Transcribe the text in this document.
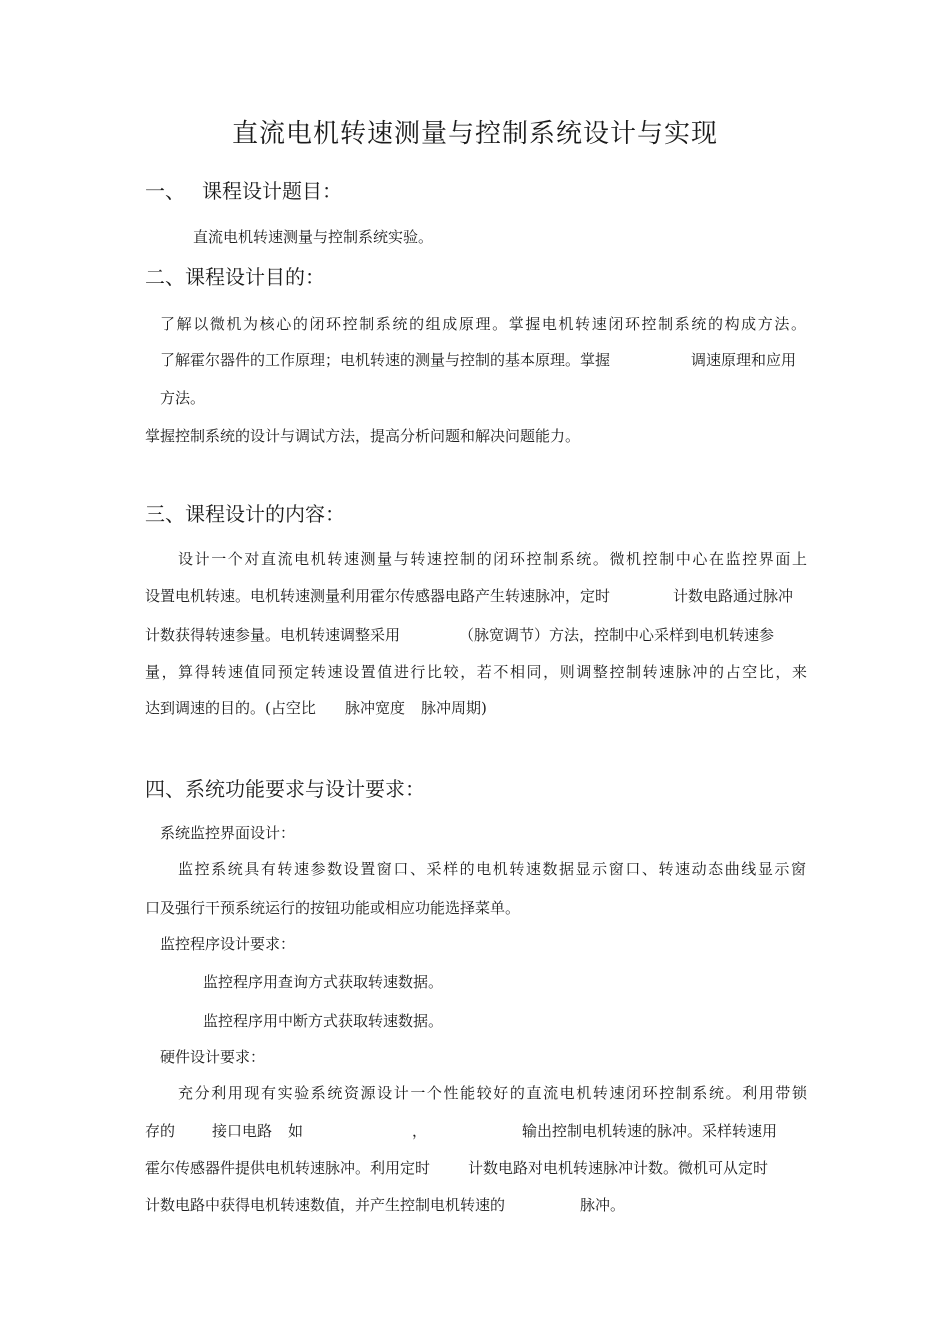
直流电机转速测量与控制系统设计与实现
一、 课程设计题目：
直流电机转速测量与控制系统实验。
二、课程设计目的：
了解以微机为核心的闭环控制系统的组成原理。掌握电机转速闭环控制系统的构成方法。
了解霍尔器件的工作原理；电机转速的测量与控制的基本原理。掌握	调速原理和应用
方法。
掌握控制系统的设计与调试方法，提高分析问题和解决问题能力。
三、课程设计的内容：
设计一个对直流电机转速测量与转速控制的闭环控制系统。微机控制中心在监控界面上
设置电机转速。电机转速测量利用霍尔传感器电路产生转速脉冲，定时	计数电路通过脉冲
计数获得转速参量。电机转速调整采用	（脉宽调节）方法，控制中心采样到电机转速参
量，算得转速值同预定转速设置值进行比较，若不相同，则调整控制转速脉冲的占空比，来
达到调速的目的。(占空比 脉冲宽度 脉冲周期)
四、系统功能要求与设计要求：
系统监控界面设计：
监控系统具有转速参数设置窗口、采样的电机转速数据显示窗口、转速动态曲线显示窗
口及强行干预系统运行的按钮功能或相应功能选择菜单。
监控程序设计要求：
监控程序用查询方式获取转速数据。
监控程序用中断方式获取转速数据。
硬件设计要求：
充分利用现有实验系统资源设计一个性能较好的直流电机转速闭环控制系统。利用带锁
存的 接口电路 如	，	输出控制电机转速的脉冲。采样转速用
霍尔传感器件提供电机转速脉冲。利用定时	计数电路对电机转速脉冲计数。微机可从定时
计数电路中获得电机转速数值，并产生控制电机转速的	脉冲。
